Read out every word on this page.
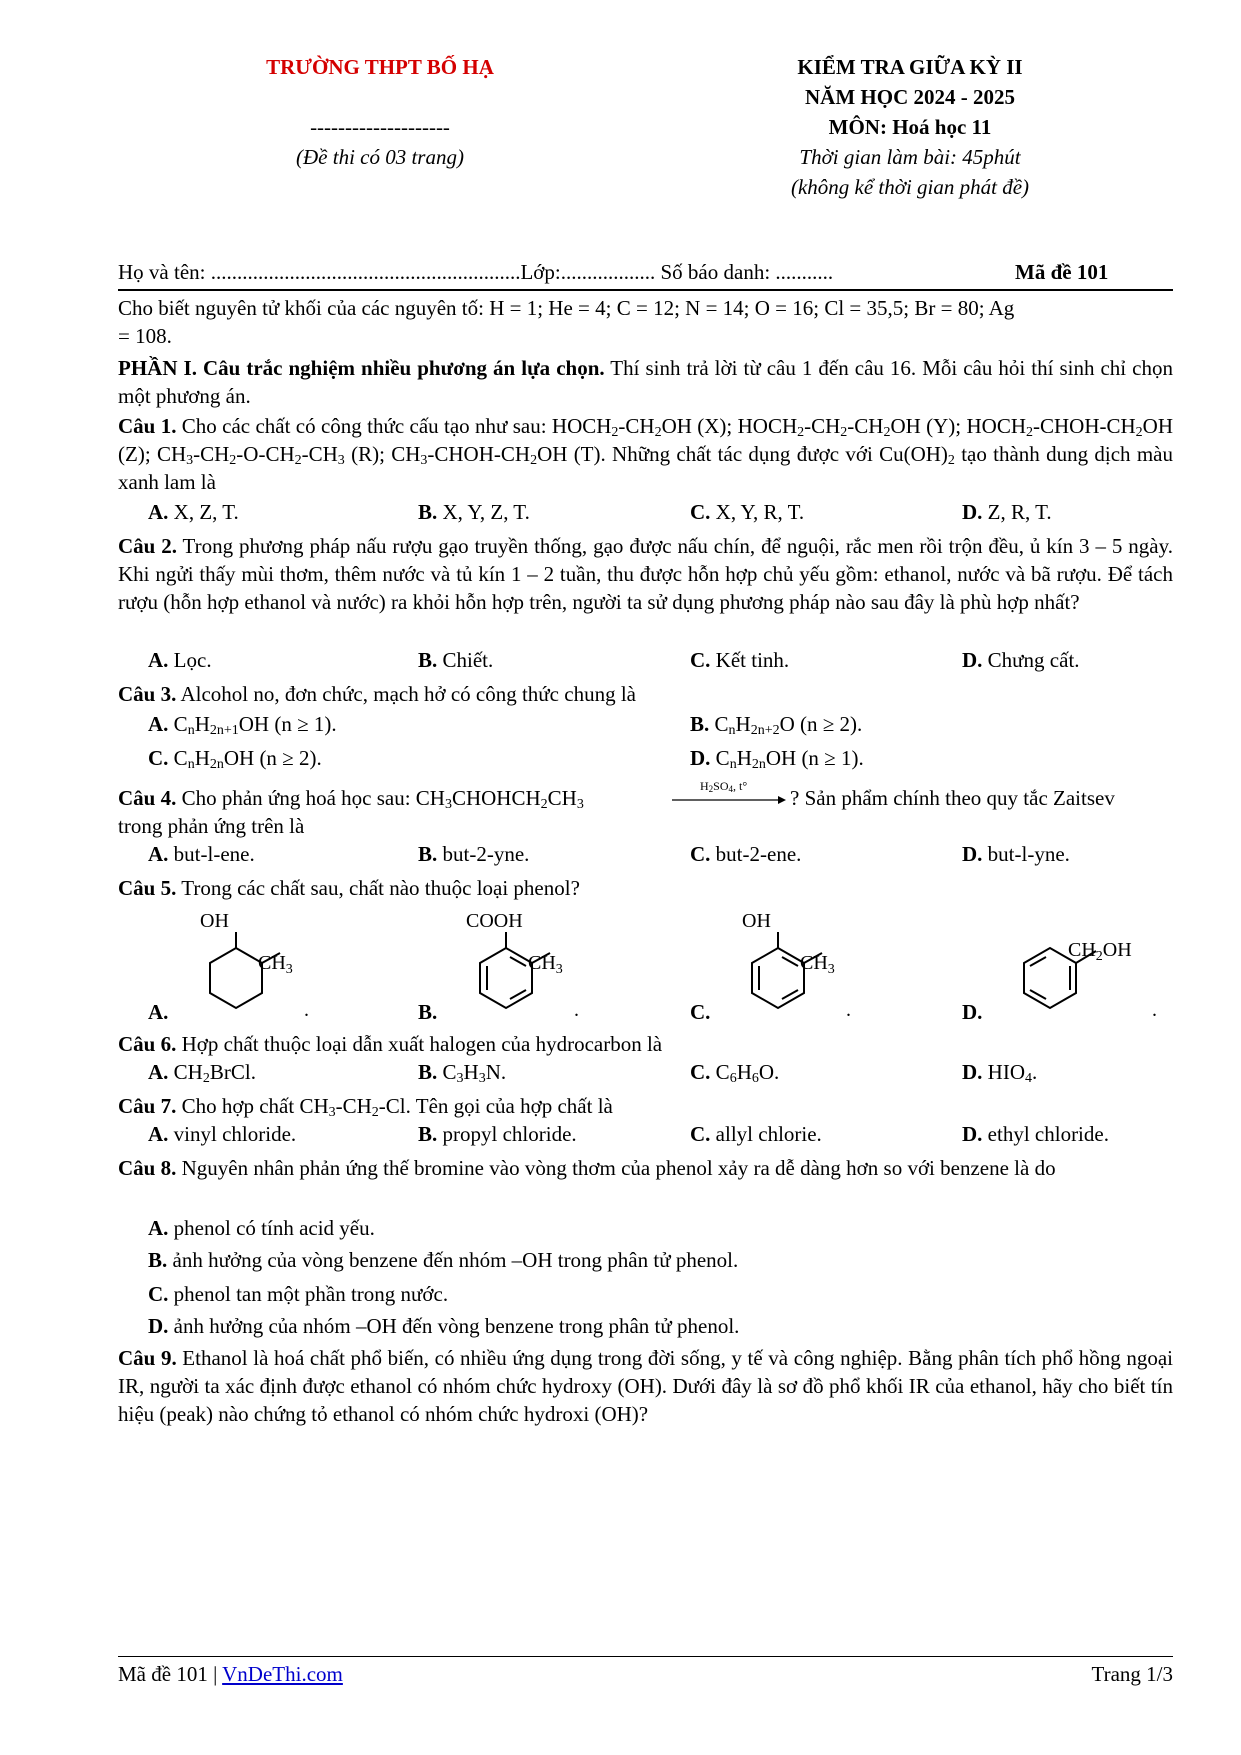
TRƯỜNG THPT BỐ HẠ
--------------------
(Đề thi có 03 trang)
KIỂM TRA GIỮA KỲ II
NĂM HỌC 2024 - 2025
MÔN: Hoá học 11
Thời gian làm bài: 45phút
(không kể thời gian phát đề)
Họ và tên: ...........................................................Lớp:.................. Số báo danh: ...........	Mã đề 101
Cho biết nguyên tử khối của các nguyên tố: H = 1; He = 4; C = 12; N = 14; O = 16; Cl = 35,5; Br = 80; Ag
= 108.
PHẦN I. Câu trắc nghiệm nhiều phương án lựa chọn. Thí sinh trả lời từ câu 1 đến câu 16. Mỗi câu hỏi thí sinh chỉ chọn một phương án.
Câu 1. Cho các chất có công thức cấu tạo như sau: $HOCH_2-CH_2OH$ (X); $HOCH_2-CH_2-CH_2OH$ (Y); $HOCH_2-CHOH-CH_2OH$ (Z); $CH_3-CH_2-O-CH_2-CH_3$ (R); $CH_3-CHOH-CH_2OH$ (T). Những chất tác dụng được với $Cu(OH)_2$ tạo thành dung dịch màu xanh lam là
A. X, Z, T.	B. X, Y, Z, T.	C. X, Y, R, T.	D. Z, R, T.
Câu 2. Trong phương pháp nấu rượu gạo truyền thống, gạo được nấu chín, để nguội, rắc men rồi trộn đều, ủ kín 3 – 5 ngày. Khi ngửi thấy mùi thơm, thêm nước và tủ kín 1 – 2 tuần, thu được hỗn hợp chủ yếu gồm: ethanol, nước và bã rượu. Để tách rượu (hỗn hợp ethanol và nước) ra khỏi hỗn hợp trên, người ta sử dụng phương pháp nào sau đây là phù hợp nhất?
A. Lọc.	B. Chiết.	C. Kết tinh.	D. Chưng cất.
Câu 3. Alcohol no, đơn chức, mạch hở có công thức chung là
A. $C_nH_{2n+1}OH$ (n ≥ 1).	B. $C_nH_{2n+2}O$ (n ≥ 2).
C. $C_nH_{2n}OH$ (n ≥ 2).	D. $C_nH_{2n}OH$ (n ≥ 1).
Câu 4. Cho phản ứng hoá học sau: $CH_3CHOHCH_2CH_3$
H2SO4, t° ? Sản phẩm chính theo quy tắc Zaitsev
trong phản ứng trên là
A. but-l-ene.	B. but-2-yne.	C. but-2-ene.	D. but-l-yne.
Câu 5. Trong các chất sau, chất nào thuộc loại phenol?
A.
OH
$CH_3$
.	B.
COOH
$CH_3$
.	C.
OH
$CH_3$
.	D.
$CH_2OH$
.
Câu 6. Hợp chất thuộc loại dẫn xuất halogen của hydrocarbon là
A. $CH_2BrCl$.	B. $C_3H_3N$.	C. $C_6H_6O$.	D. $HIO_4$.
Câu 7. Cho hợp chất $CH_3-CH_2-Cl$. Tên gọi của hợp chất là
A. vinyl chloride.	B. propyl chloride.	C. allyl chlorie.	D. ethyl chloride.
Câu 8. Nguyên nhân phản ứng thế bromine vào vòng thơm của phenol xảy ra dễ dàng hơn so với benzene là do
A. phenol có tính acid yếu.
B. ảnh hưởng của vòng benzene đến nhóm –OH trong phân tử phenol.
C. phenol tan một phần trong nước.
D. ảnh hưởng của nhóm –OH đến vòng benzene trong phân tử phenol.
Câu 9. Ethanol là hoá chất phổ biến, có nhiều ứng dụng trong đời sống, y tế và công nghiệp. Bằng phân tích phổ hồng ngoại IR, người ta xác định được ethanol có nhóm chức hydroxy (OH). Dưới đây là sơ đồ phổ khối IR của ethanol, hãy cho biết tín hiệu (peak) nào chứng tỏ ethanol có nhóm chức hydroxi (OH)?
Mã đề 101 | VnDeThi.com	Trang 1/3
